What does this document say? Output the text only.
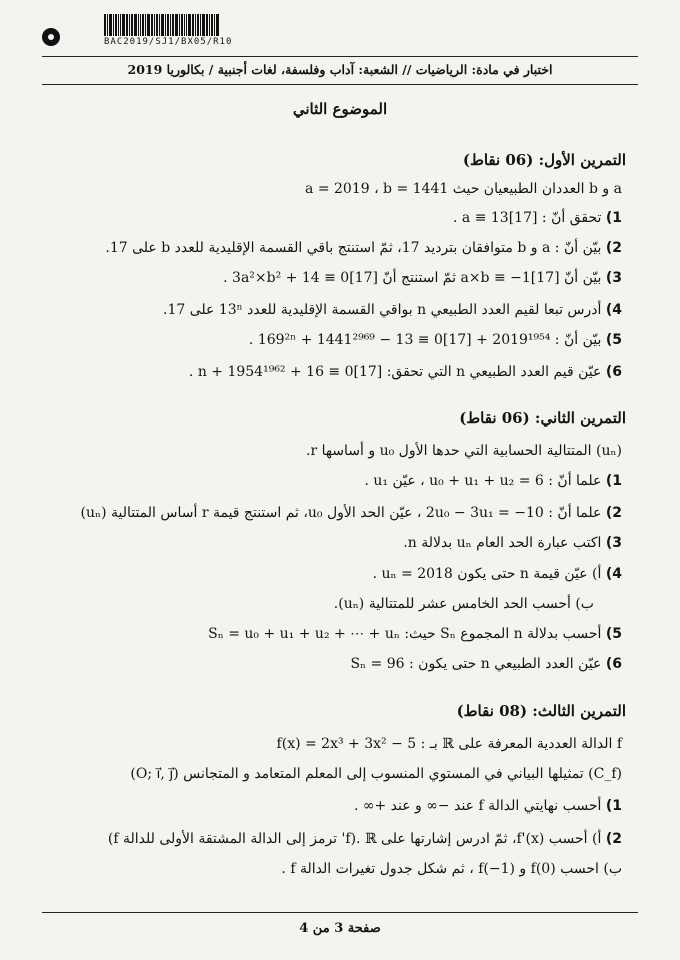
BAC2019/SJ1/BX05/R10
اختبار في مادة: الرياضيات // الشعبة: آداب وفلسفة، لغات أجنبية / بكالوريا 2019
الموضوع الثاني
التمرين الأول: (06 نقاط)
a و b العددان الطبيعيان حيث a = 2019 ، b = 1441
1) تحقق أنّ : a ≡ 13[17] .
2) بيّن أنّ : a و b متوافقان بترديد 17، ثمّ استنتج باقي القسمة الإقليدية للعدد b على 17.
3) بيّن أنّ a×b ≡ −1[17] ثمّ استنتج أنّ 3a²×b² + 14 ≡ 0[17] .
4) أدرس تبعا لقيم العدد الطبيعي n بواقي القسمة الإقليدية للعدد 13ⁿ على 17.
5) بيّن أنّ : 2019¹⁹⁵⁴ + 169²ⁿ + 1441²⁹⁶⁹ − 13 ≡ 0[17] .
6) عيّن قيم العدد الطبيعي n التي تحقق: n + 1954¹⁹⁶² + 16 ≡ 0[17] .
التمرين الثاني: (06 نقاط)
(uₙ) المتتالية الحسابية التي حدها الأول u₀ و أساسها r.
1) علما أنّ : u₀ + u₁ + u₂ = 6 ، عيّن u₁ .
2) علما أنّ : 2u₀ − 3u₁ = −10 ، عيّن الحد الأول u₀، ثم استنتج قيمة r أساس المتتالية (uₙ)
3) اكتب عبارة الحد العام uₙ بدلالة n.
4) أ) عيّن قيمة n حتى يكون uₙ = 2018 .
ب) أحسب الحد الخامس عشر للمتتالية (uₙ).
5) أحسب بدلالة n المجموع Sₙ حيث: Sₙ = u₀ + u₁ + u₂ + ⋯ + uₙ
6) عيّن العدد الطبيعي n حتى يكون : Sₙ = 96
التمرين الثالث: (08 نقاط)
f الدالة العددية المعرفة على ℝ بـ : f(x) = 2x³ + 3x² − 5
(C_f) تمثيلها البياني في المستوي المنسوب إلى المعلم المتعامد و المتجانس (O; i⃗, j⃗)
1) أحسب نهايتي الدالة f عند −∞ و عند +∞ .
2) أ) أحسب f'(x)، ثمّ ادرس إشارتها على ℝ .(f' ترمز إلى الدالة المشتقة الأولى للدالة f)
ب) احسب f(0) و f(−1) ، ثم شكل جدول تغيرات الدالة f .
صفحة 3 من 4
